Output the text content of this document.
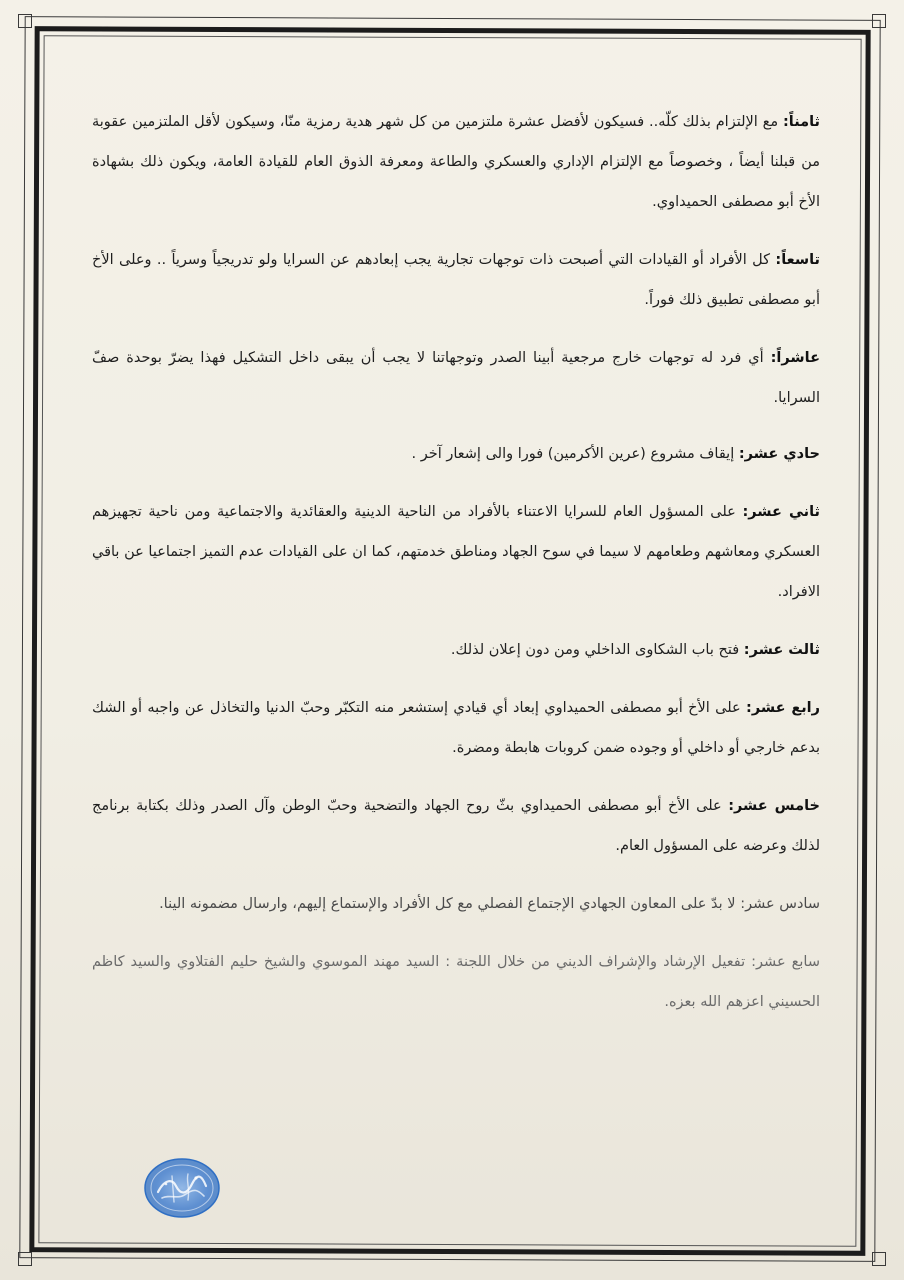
ثامناً: مع الإلتزام بذلك كلّه.. فسيكون لأفضل عشرة ملتزمين من كل شهر هدية رمزية منّا، وسيكون لأقل الملتزمين عقوبة من قبلنا أيضاً ، وخصوصاً مع الإلتزام الإداري والعسكري والطاعة ومعرفة الذوق العام للقيادة العامة، ويكون ذلك بشهادة الأخ أبو مصطفى الحميداوي.

تاسعاً: كل الأفراد أو القيادات التي أصبحت ذات توجهات تجارية يجب إبعادهم عن السرايا ولو تدريجياً وسرياً .. وعلى الأخ أبو مصطفى تطبيق ذلك فوراً.

عاشراً: أي فرد له توجهات خارج مرجعية أبينا الصدر وتوجهاتنا لا يجب أن يبقى داخل التشكيل فهذا يضرّ بوحدة صفّ السرايا.

حادي عشر: إيقاف مشروع (عرين الأكرمين) فورا والى إشعار آخر .

ثاني عشر: على المسؤول العام للسرايا الاعتناء بالأفراد من الناحية الدينية والعقائدية والاجتماعية ومن ناحية تجهيزهم العسكري ومعاشهم وطعامهم لا سيما في سوح الجهاد ومناطق خدمتهم، كما ان على القيادات عدم التميز اجتماعيا عن باقي الافراد.

ثالث عشر: فتح باب الشكاوى الداخلي ومن دون إعلان لذلك.

رابع عشر: على الأخ أبو مصطفى الحميداوي إبعاد أي قيادي إستشعر منه التكبّر وحبّ الدنيا والتخاذل عن واجبه أو الشك بدعم خارجي أو داخلي أو وجوده ضمن كروبات هابطة ومضرة.

خامس عشر: على الأخ أبو مصطفى الحميداوي بثّ روح الجهاد والتضحية وحبّ الوطن وآل الصدر وذلك بكتابة برنامج لذلك وعرضه على المسؤول العام.

سادس عشر: لا بدّ على المعاون الجهادي الإجتماع الفصلي مع كل الأفراد والإستماع إليهم، وارسال مضمونه الينا.

سابع عشر: تفعيل الإرشاد والإشراف الديني من خلال اللجنة : السيد مهند الموسوي والشيخ حليم الفتلاوي والسيد كاظم الحسيني اعزهم الله بعزه.
